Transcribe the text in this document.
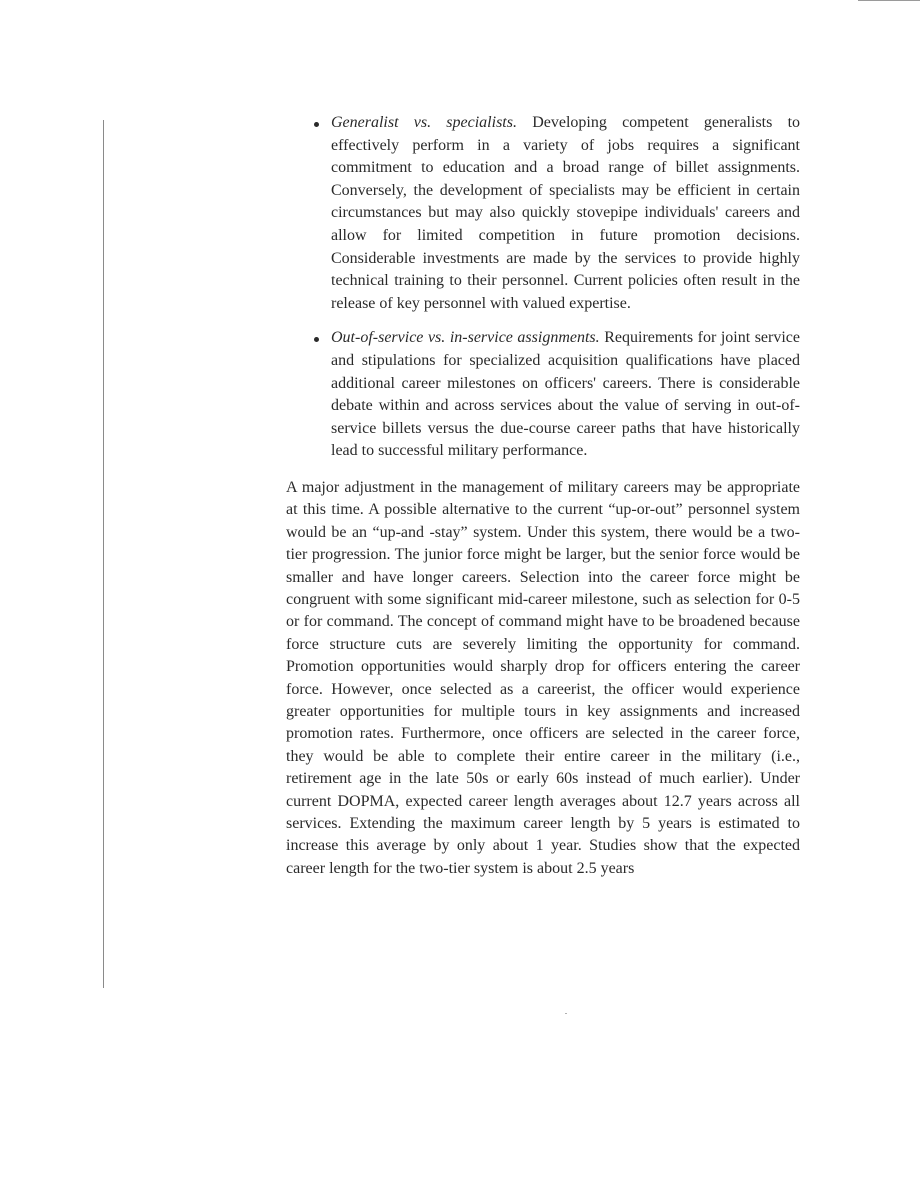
Generalist vs. specialists. Developing competent generalists to effectively perform in a variety of jobs requires a significant commitment to education and a broad range of billet assignments. Conversely, the development of specialists may be efficient in certain circumstances but may also quickly stovepipe individuals' careers and allow for limited competition in future promotion decisions. Considerable investments are made by the services to provide highly technical training to their personnel. Current policies often result in the release of key personnel with valued expertise.
Out-of-service vs. in-service assignments. Requirements for joint service and stipulations for specialized acquisition qualifications have placed additional career milestones on officers' careers. There is considerable debate within and across services about the value of serving in out-of-service billets versus the due-course career paths that have historically lead to successful military performance.

A major adjustment in the management of military careers may be appropriate at this time. A possible alternative to the current “up-or-out” personnel system would be an “up-and -stay” system. Under this system, there would be a two-tier progression. The junior force might be larger, but the senior force would be smaller and have longer careers. Selection into the career force might be congruent with some significant mid-career milestone, such as selection for 0-5 or for command. The concept of command might have to be broadened because force structure cuts are severely limiting the opportunity for command. Promotion opportunities would sharply drop for officers entering the career force. However, once selected as a careerist, the officer would experience greater opportunities for multiple tours in key assignments and increased promotion rates. Furthermore, once officers are selected in the career force, they would be able to complete their entire career in the military (i.e., retirement age in the late 50s or early 60s instead of much earlier). Under current DOPMA, expected career length averages about 12.7 years across all services. Extending the maximum career length by 5 years is estimated to increase this average by only about 1 year. Studies show that the expected career length for the two-tier system is about 2.5 years
